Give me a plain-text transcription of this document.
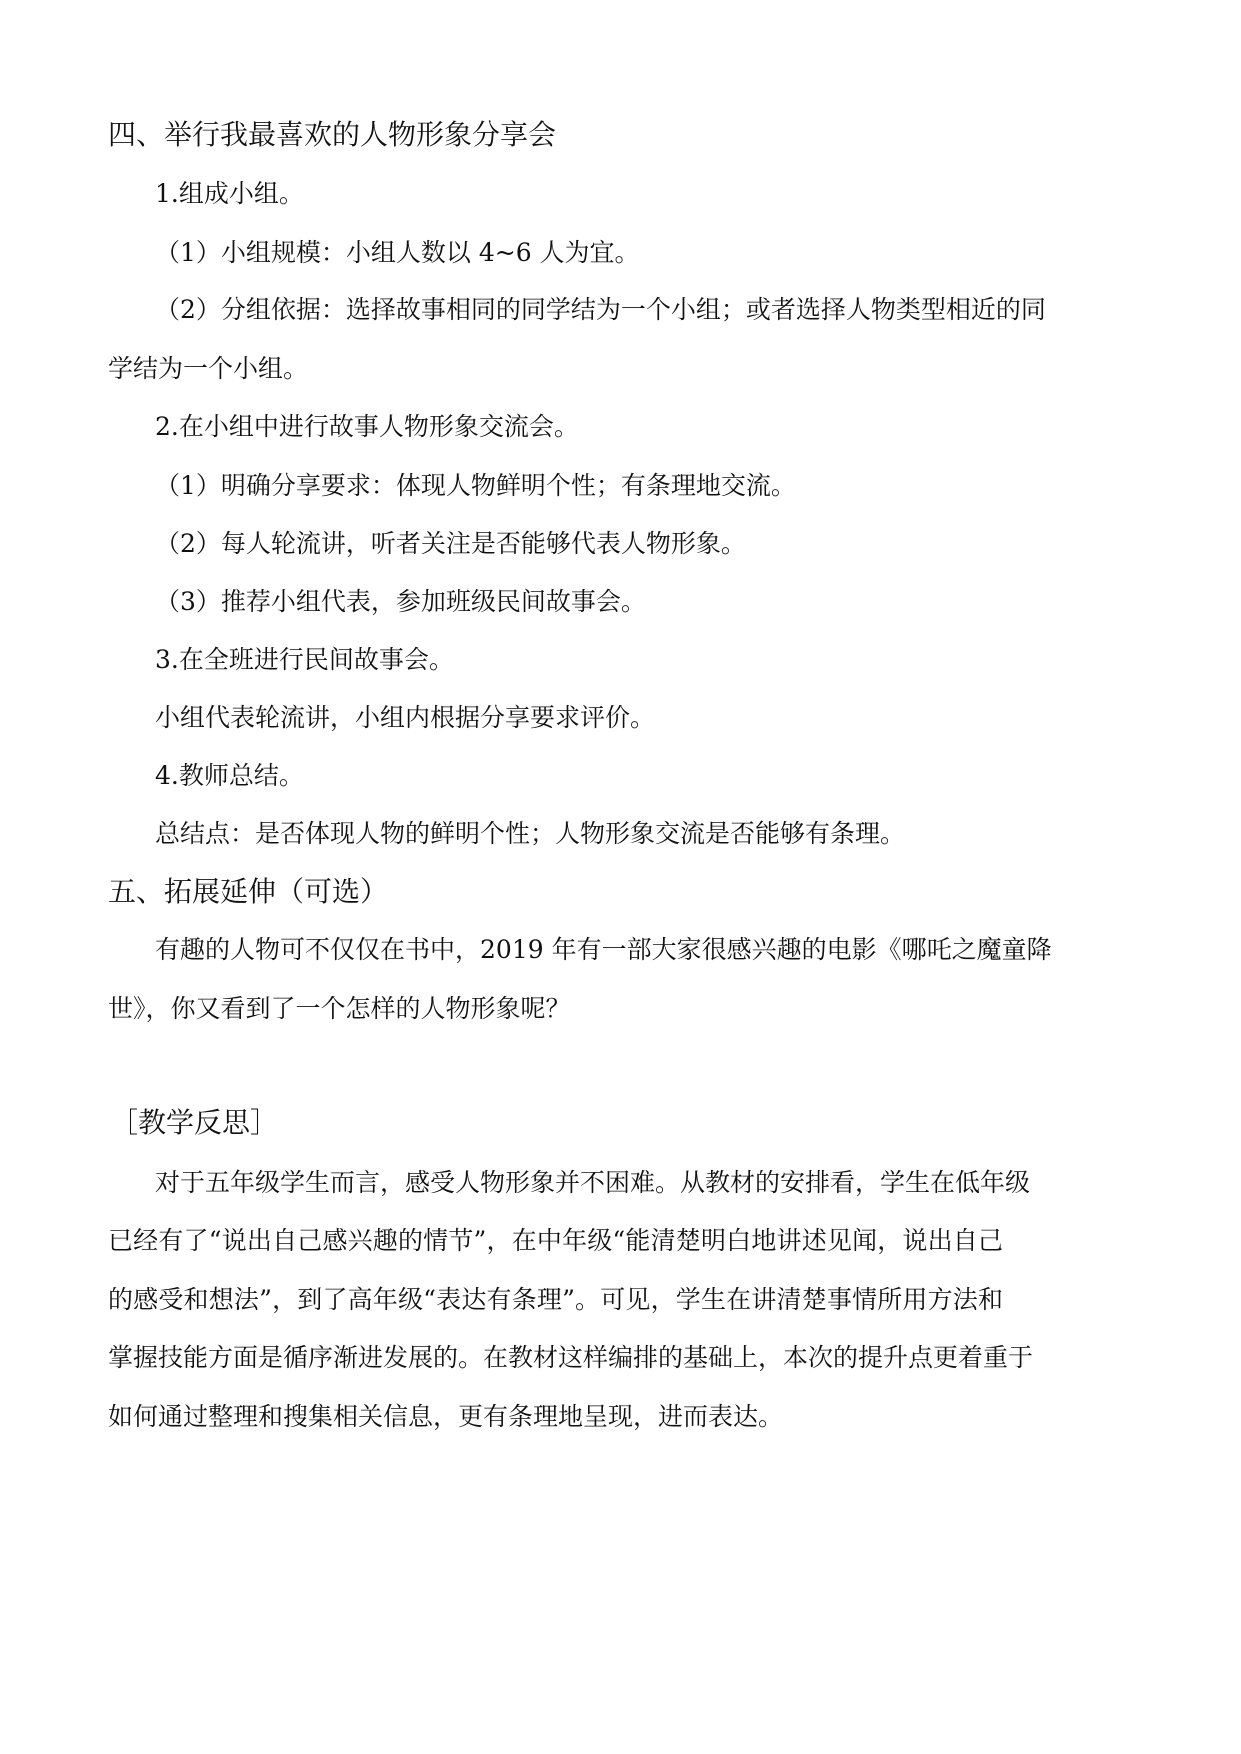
四、举行我最喜欢的人物形象分享会
1.组成小组。
（1）小组规模：小组人数以 4~6 人为宜。
（2）分组依据：选择故事相同的同学结为一个小组；或者选择人物类型相近的同
学结为一个小组。
2.在小组中进行故事人物形象交流会。
（1）明确分享要求：体现人物鲜明个性；有条理地交流。
（2）每人轮流讲，听者关注是否能够代表人物形象。
（3）推荐小组代表，参加班级民间故事会。
3.在全班进行民间故事会。
小组代表轮流讲，小组内根据分享要求评价。
4.教师总结。
总结点：是否体现人物的鲜明个性；人物形象交流是否能够有条理。
五、拓展延伸（可选）
有趣的人物可不仅仅在书中，2019 年有一部大家很感兴趣的电影《哪吒之魔童降
世》，你又看到了一个怎样的人物形象呢？
［教学反思］
对于五年级学生而言，感受人物形象并不困难。从教材的安排看，学生在低年级
已经有了“说出自己感兴趣的情节”，在中年级“能清楚明白地讲述见闻，说出自己
的感受和想法”，到了高年级“表达有条理”。可见，学生在讲清楚事情所用方法和
掌握技能方面是循序渐进发展的。在教材这样编排的基础上，本次的提升点更着重于
如何通过整理和搜集相关信息，更有条理地呈现，进而表达。
